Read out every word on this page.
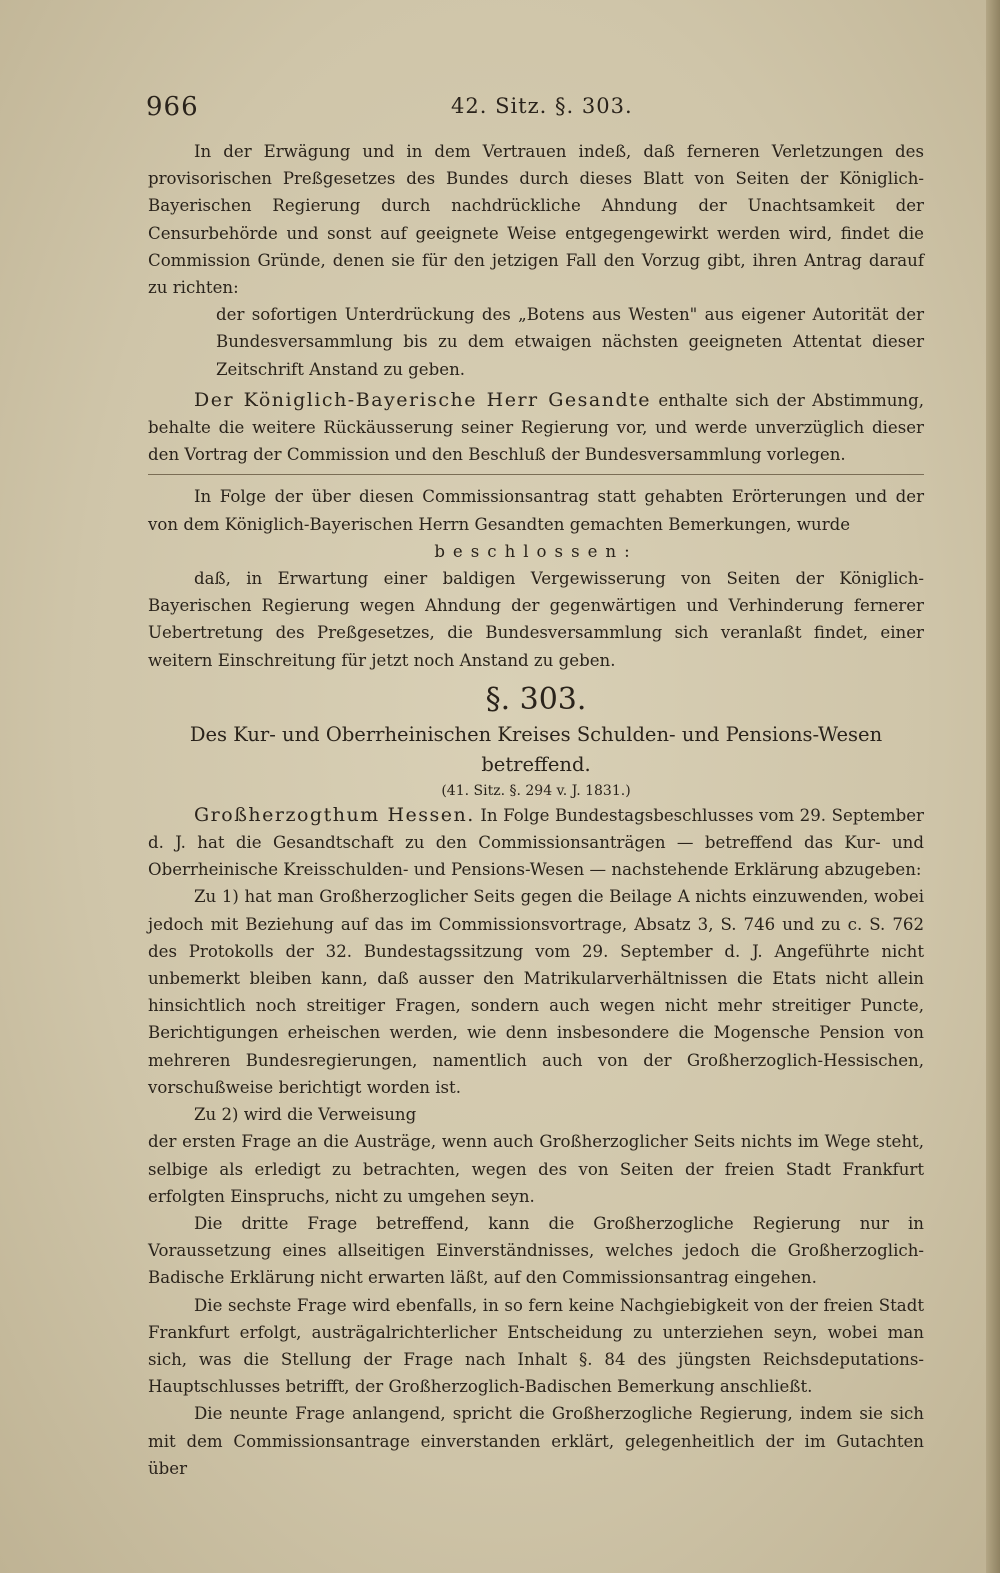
966	42. Sitz. §. 303.

In der Erwägung und in dem Vertrauen indeß, daß ferneren Verletzungen des provisorischen Preßgesetzes des Bundes durch dieses Blatt von Seiten der Königlich-Bayerischen Regierung durch nachdrückliche Ahndung der Unachtsamkeit der Censurbehörde und sonst auf geeignete Weise entgegengewirkt werden wird, findet die Commission Gründe, denen sie für den jetzigen Fall den Vorzug gibt, ihren Antrag darauf zu richten:

der sofortigen Unterdrückung des „Botens aus Westen" aus eigener Autorität der Bundesversammlung bis zu dem etwaigen nächsten geeigneten Attentat dieser Zeitschrift Anstand zu geben.

Der Königlich-Bayerische Herr Gesandte enthalte sich der Abstimmung, behalte die weitere Rückäusserung seiner Regierung vor, und werde unverzüglich dieser den Vortrag der Commission und den Beschluß der Bundesversammlung vorlegen.

In Folge der über diesen Commissionsantrag statt gehabten Erörterungen und der von dem Königlich-Bayerischen Herrn Gesandten gemachten Bemerkungen, wurde

beschlossen:

daß, in Erwartung einer baldigen Vergewisserung von Seiten der Königlich-Bayerischen Regierung wegen Ahndung der gegenwärtigen und Verhinderung fernerer Uebertretung des Preßgesetzes, die Bundesversammlung sich veranlaßt findet, einer weitern Einschreitung für jetzt noch Anstand zu geben.

§. 303.

Des Kur- und Oberrheinischen Kreises Schulden- und Pensions-Wesen betreffend.

(41. Sitz. §. 294 v. J. 1831.)

Großherzogthum Hessen. In Folge Bundestagsbeschlusses vom 29. September d. J. hat die Gesandtschaft zu den Commissionsanträgen — betreffend das Kur- und Oberrheinische Kreisschulden- und Pensions-Wesen — nachstehende Erklärung abzugeben:

Zu 1) hat man Großherzoglicher Seits gegen die Beilage A nichts einzuwenden, wobei jedoch mit Beziehung auf das im Commissionsvortrage, Absatz 3, S. 746 und zu c. S. 762 des Protokolls der 32. Bundestagssitzung vom 29. September d. J. Angeführte nicht unbemerkt bleiben kann, daß ausser den Matrikularverhältnissen die Etats nicht allein hinsichtlich noch streitiger Fragen, sondern auch wegen nicht mehr streitiger Puncte, Berichtigungen erheischen werden, wie denn insbesondere die Mogensche Pension von mehreren Bundesregierungen, namentlich auch von der Großherzoglich-Hessischen, vorschußweise berichtigt worden ist.

Zu 2) wird die Verweisung

der ersten Frage an die Austräge, wenn auch Großherzoglicher Seits nichts im Wege steht, selbige als erledigt zu betrachten, wegen des von Seiten der freien Stadt Frankfurt erfolgten Einspruchs, nicht zu umgehen seyn.

Die dritte Frage betreffend, kann die Großherzogliche Regierung nur in Voraussetzung eines allseitigen Einverständnisses, welches jedoch die Großherzoglich-Badische Erklärung nicht erwarten läßt, auf den Commissionsantrag eingehen.

Die sechste Frage wird ebenfalls, in so fern keine Nachgiebigkeit von der freien Stadt Frankfurt erfolgt, austrägalrichterlicher Entscheidung zu unterziehen seyn, wobei man sich, was die Stellung der Frage nach Inhalt §. 84 des jüngsten Reichsdeputations-Hauptschlusses betrifft, der Großherzoglich-Badischen Bemerkung anschließt.

Die neunte Frage anlangend, spricht die Großherzogliche Regierung, indem sie sich mit dem Commissionsantrage einverstanden erklärt, gelegenheitlich der im Gutachten über
